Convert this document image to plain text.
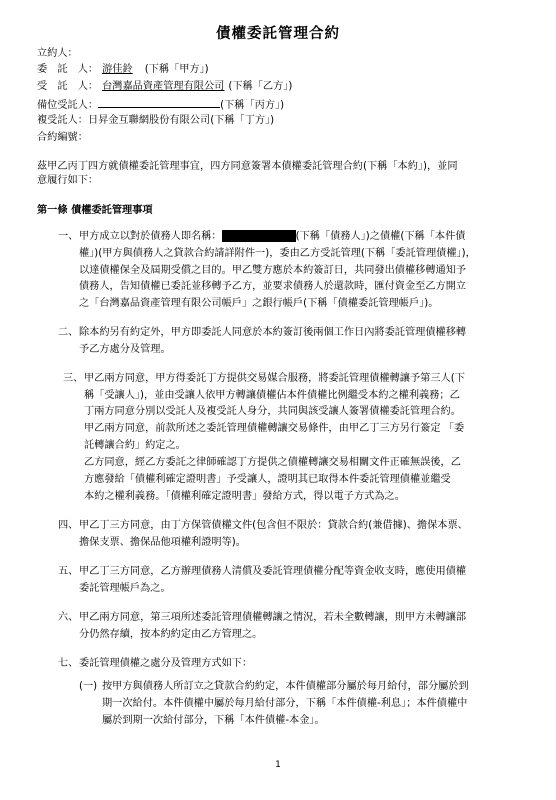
債權委託管理合約
立約人：
委　託　人： 游佳鈴 (下稱「甲方」)
受　託　人： 台灣嘉品資產管理有限公司 (下稱「乙方」)
備位受託人：	(下稱「丙方」)
複受託人：日昇金互聯網股份有限公司(下稱「丁方」)
合約編號：
茲甲乙丙丁四方就債權委託管理事宜，四方同意簽署本債權委託管理合約(下稱「本約」)，並同
意履行如下：
第一條 債權委託管理事項
一、 甲方成立以對於債務人即名稱：	(下稱「債務人」)之債權(下稱「本件債
權」)(甲方與債務人之貸款合約請詳附件一)，委由乙方受託管理(下稱「委託管理債權」)，
以達債權保全及屆期受償之目的。甲乙雙方應於本約簽訂日，共同發出債權移轉通知予
債務人，告知債權已委託並移轉予乙方，並要求債務人於還款時，匯付資金至乙方開立
之「台灣嘉品資產管理有限公司帳戶」之銀行帳戶(下稱「債權委託管理帳戶」)。
二、 除本約另有約定外，甲方即委託人同意於本約簽訂後兩個工作日內將委託管理債權移轉
予乙方處分及管理。
三、 甲乙兩方同意，甲方得委託丁方提供交易媒合服務，將委託管理債權轉讓予第三人(下
稱「受讓人」)，並由受讓人依甲方轉讓債權佔本件債權比例繼受本約之權利義務；乙
丁兩方同意分別以受託人及複受託人身分，共同與該受讓人簽署債權委託管理合約。
甲乙兩方同意，前款所述之委託管理債權轉讓交易條件，由甲乙丁三方另行簽定 「委
託轉讓合約」約定之。
乙方同意，經乙方委託之律師確認丁方提供之債權轉讓交易相關文件正確無誤後，乙
方應發給「債權利確定證明書」予受讓人，證明其已取得本件委託管理債權並繼受
本約之權利義務。「債權利確定證明書」發給方式，得以電子方式為之。
四、 甲乙丁三方同意，由丁方保管債權文件(包含但不限於：貸款合約(兼借據)、擔保本票、
擔保支票、擔保品他項權利證明等)。
五、 甲乙丁三方同意，乙方辦理債務人清償及委託管理債權分配等資金收支時，應使用債權
委託管理帳戶為之。
六、 甲乙兩方同意，第三項所述委託管理債權轉讓之情況，若未全數轉讓，則甲方未轉讓部
分仍然存續，按本約約定由乙方管理之。
七、 委託管理債權之處分及管理方式如下：
(一) 按甲方與債務人所訂立之貸款合約約定，本件債權部分屬於每月給付，部分屬於到
期一次給付。本件債權中屬於每月給付部分，下稱「本件債權-利息」；本件債權中
屬於到期一次給付部分，下稱「本件債權-本金」。
1
